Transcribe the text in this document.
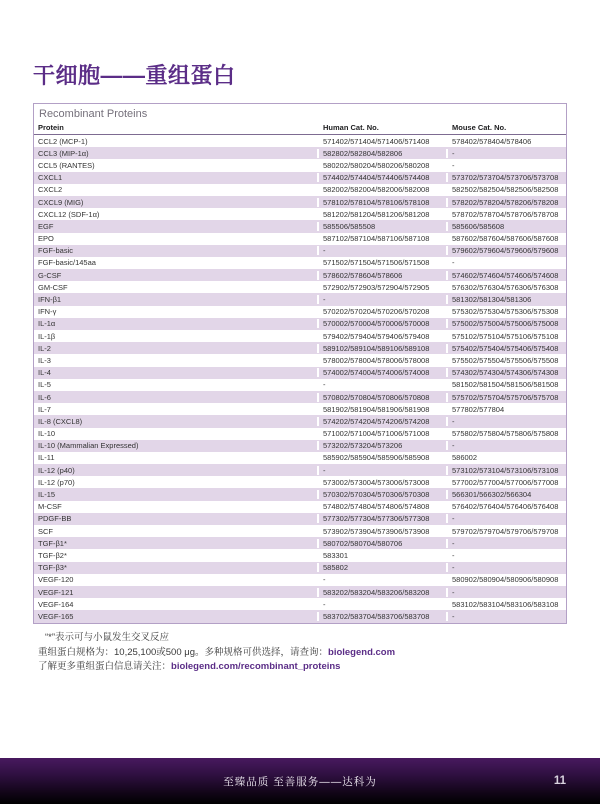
干细胞——重组蛋白
Recombinant Proteins
Protein	Human Cat. No.	Mouse Cat. No.
CCL2 (MCP-1)	571402/571404/571406/571408	578402/578404/578406
CCL3 (MIP-1α)	582802/582804/582806	-
CCL5 (RANTES)	580202/580204/580206/580208	-
CXCL1	574402/574404/574406/574408	573702/573704/573706/573708
CXCL2	582002/582004/582006/582008	582502/582504/582506/582508
CXCL9 (MIG)	578102/578104/578106/578108	578202/578204/578206/578208
CXCL12 (SDF-1α)	581202/581204/581206/581208	578702/578704/578706/578708
EGF	585506/585508	585606/585608
EPO	587102/587104/587106/587108	587602/587604/587606/587608
FGF-basic	-	579602/579604/579606/579608
FGF-basic/145aa	571502/571504/571506/571508	-
G-CSF	578602/578604/578606	574602/574604/574606/574608
GM-CSF	572902/572903/572904/572905	576302/576304/576306/576308
IFN-β1	-	581302/581304/581306
IFN-γ	570202/570204/570206/570208	575302/575304/575306/575308
IL-1α	570002/570004/570006/570008	575002/575004/575006/575008
IL-1β	579402/579404/579406/579408	575102/575104/575106/575108
IL-2	589102/589104/589106/589108	575402/575404/575406/575408
IL-3	578002/578004/578006/578008	575502/575504/575506/575508
IL-4	574002/574004/574006/574008	574302/574304/574306/574308
IL-5	-	581502/581504/581506/581508
IL-6	570802/570804/570806/570808	575702/575704/575706/575708
IL-7	581902/581904/581906/581908	577802/577804
IL-8 (CXCL8)	574202/574204/574206/574208	-
IL-10	571002/571004/571006/571008	575802/575804/575806/575808
IL-10 (Mammalian Expressed)	573202/573204/573206	-
IL-11	585902/585904/585906/585908	586002
IL-12 (p40)	-	573102/573104/573106/573108
IL-12 (p70)	573002/573004/573006/573008	577002/577004/577006/577008
IL-15	570302/570304/570306/570308	566301/566302/566304
M-CSF	574802/574804/574806/574808	576402/576404/576406/576408
PDGF-BB	577302/577304/577306/577308	-
SCF	573902/573904/573906/573908	579702/579704/579706/579708
TGF-β1*	580702/580704/580706	-
TGF-β2*	583301	-
TGF-β3*	585802	-
VEGF-120	-	580902/580904/580906/580908
VEGF-121	583202/583204/583206/583208	-
VEGF-164	-	583102/583104/583106/583108
VEGF-165	583702/583704/583706/583708	-
“*”表示可与小鼠发生交叉反应
重组蛋白规格为：10,25,100或500 μg。多种规格可供选择，请查询：biolegend.com
了解更多重组蛋白信息请关注：biolegend.com/recombinant_proteins
至臻品质 至善服务——达科为	11
